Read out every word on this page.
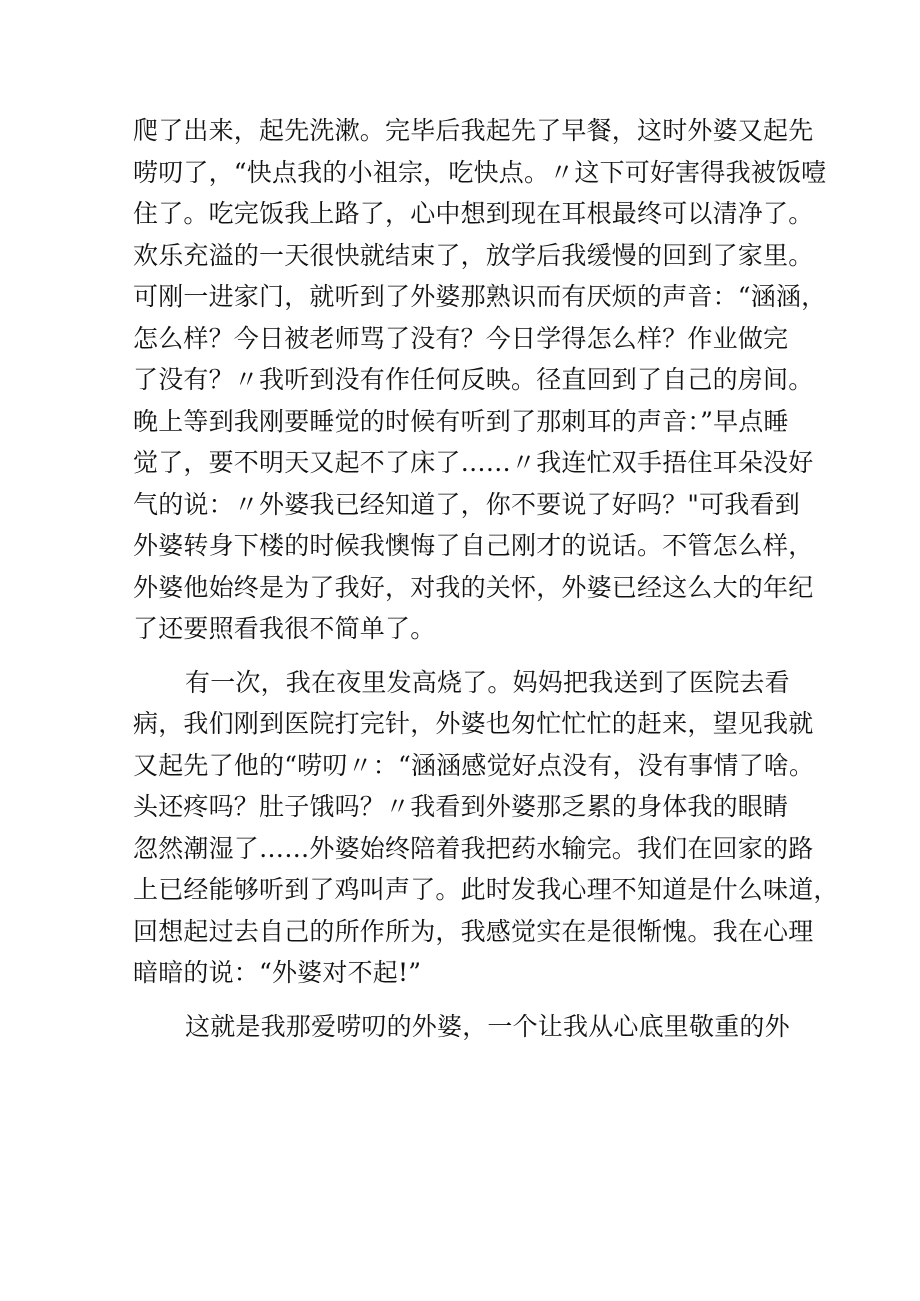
爬了出来，起先洗漱。完毕后我起先了早餐，这时外婆又起先
唠叨了，“快点我的小祖宗，吃快点。〃这下可好害得我被饭噎
住了。吃完饭我上路了，心中想到现在耳根最终可以清净了。
欢乐充溢的一天很快就结束了，放学后我缓慢的回到了家里。
可刚一进家门，就听到了外婆那熟识而有厌烦的声音：“涵涵，
怎么样？今日被老师骂了没有？今日学得怎么样？作业做完
了没有？〃我听到没有作任何反映。径直回到了自己的房间。
晚上等到我刚要睡觉的时候有听到了那刺耳的声音：”早点睡
觉了，要不明天又起不了床了……〃我连忙双手捂住耳朵没好
气的说：〃外婆我已经知道了，你不要说了好吗？"可我看到
外婆转身下楼的时候我懊悔了自己刚才的说话。不管怎么样，
外婆他始终是为了我好，对我的关怀，外婆已经这么大的年纪
了还要照看我很不简单了。
有一次，我在夜里发高烧了。妈妈把我送到了医院去看
病，我们刚到医院打完针，外婆也匆忙忙忙的赶来，望见我就
又起先了他的“唠叨〃：“涵涵感觉好点没有，没有事情了啥。
头还疼吗？肚子饿吗？〃我看到外婆那乏累的身体我的眼睛
忽然潮湿了……外婆始终陪着我把药水输完。我们在回家的路
上已经能够听到了鸡叫声了。此时发我心理不知道是什么味道，
回想起过去自己的所作所为，我感觉实在是很惭愧。我在心理
暗暗的说：“外婆对不起!”
这就是我那爱唠叨的外婆，一个让我从心底里敬重的外
